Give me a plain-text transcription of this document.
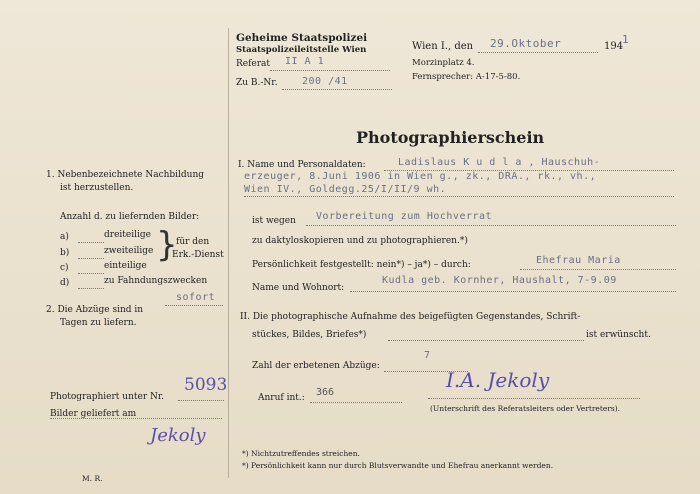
Geheime Staatspolizei
Staatspolizeileitstelle Wien
Referat II A 1
Zu B.-Nr. 200 /41
Wien I., den 29.Oktober	194
1
Morzinplatz 4.
Fernsprecher: A-17-5-80.
Photographierschein
1. Nebenbezeichnete Nachbildung
ist herzustellen.
Anzahl d. zu liefernden Bilder:
a)	dreiteilige
b)	zweiteilige
c)	einteilige
d)	zu Fahndungszwecken
}
für den
Erk.-Dienst
2. Die Abzüge sind in
sofort
Tagen zu liefern.
Photographiert unter Nr.
5093
Bilder geliefert am
Jekoly
M. R.
I. Name und Personaldaten:	Ladislaus K u d l a , Hauschuh-
erzeuger, 8.Juni 1906 in Wien g., zk., DRA., rk., vh.,
Wien IV., Goldegg.25/I/II/9 wh.
ist wegen Vorbereitung zum Hochverrat
zu daktyloskopieren und zu photographieren.*)
Persönlichkeit festgestellt: nein*) – ja*) – durch:	Ehefrau Maria
Name und Wohnort:
Kudla geb. Kornher, Haushalt, 7-9.09
II. Die photographische Aufnahme des beigefügten Gegenstandes, Schrift-
stückes, Bildes, Briefes*)	ist erwünscht.
Zahl der erbetenen Abzüge:
7
Anruf int.: 366
I.A. Jekoly
(Unterschrift des Referatsleiters oder Vertreters).
*) Nichtzutreffendes streichen.
*) Persönlichkeit kann nur durch Blutsverwandte und Ehefrau anerkannt werden.
